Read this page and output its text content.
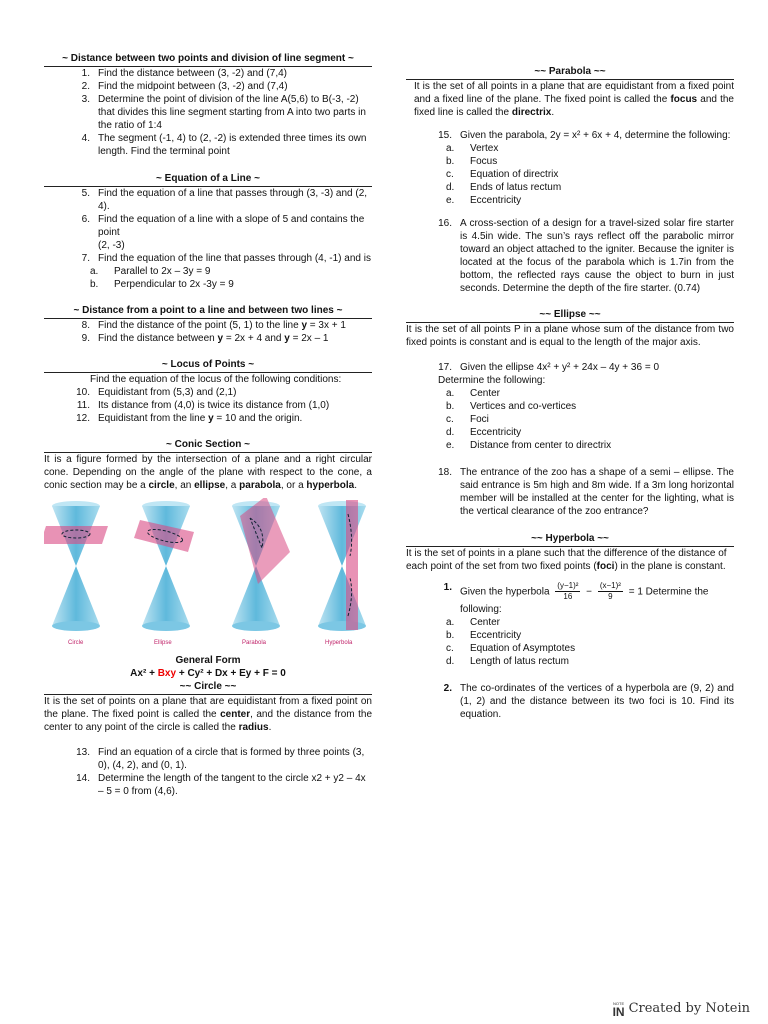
~ Distance between two points and division of line segment ~

1. Find the distance between (3, -2) and (7,4)
2. Find the midpoint between (3, -2) and (7,4)
3. Determine the point of division of the line A(5,6) to B(-3, -2) that divides this line segment starting from A into two parts in the ratio of 1:4
4. The segment (-1, 4) to (2, -2) is extended three times its own length. Find the terminal point

~ Equation of a Line ~

5. Find the equation of a line that passes through (3, -3) and (2, 4).
6. Find the equation of a line with a slope of 5 and contains the point
(2, -3)
7. Find the equation of the line that passes through (4, -1) and is
a.	Parallel to 2x – 3y = 9
b.	Perpendicular to 2x -3y = 9

~ Distance from a point to a line and between two lines ~

8. Find the distance of the point (5, 1) to the line y = 3x + 1
9. Find the distance between y = 2x + 4 and y = 2x – 1

~ Locus of Points ~

Find the equation of the locus of the following conditions:
10. Equidistant from (5,3) and (2,1)
11. Its distance from (4,0) is twice its distance from (1,0)
12. Equidistant from the line y = 10 and the origin.

~ Conic Section ~

It is a figure formed by the intersection of a plane and a right circular cone. Depending on the angle of the plane with respect to the cone, a conic section may be a circle, an ellipse, a parabola, or a hyperbola.

Circle	Ellipse	Parabola	Hyperbola

General Form

Ax² + Bxy + Cy² + Dx + Ey + F = 0

~~ Circle ~~

It is the set of points on a plane that are equidistant from a fixed point on the plane. The fixed point is called the center, and the distance from the center to any point of the circle is called the radius.

13. Find an equation of a circle that is formed by three points (3, 0), (4, 2), and (0, 1).
14. Determine the length of the tangent to the circle x2 + y2 – 4x – 5 = 0 from (4,6).

~~ Parabola ~~

It is the set of all points in a plane that are equidistant from a fixed point and a fixed line of the plane. The fixed point is called the focus and the fixed line is called the directrix.

15. Given the parabola, 2y = x² + 6x + 4, determine the following:
a.	Vertex
b.	Focus
c.	Equation of directrix
d.	Ends of latus rectum
e.	Eccentricity
16. A cross-section of a design for a travel-sized solar fire starter is 4.5in wide. The sun’s rays reflect off the parabolic mirror toward an object attached to the igniter. Because the igniter is located at the focus of the parabola which is 1.7in from the bottom, the reflected rays cause the object to burn in just seconds. Determine the depth of the fire starter. (0.74)

~~ Ellipse ~~

It is the set of all points P in a plane whose sum of the distance from two fixed points is constant and is equal to the length of the major axis.

17. Given the ellipse 4x² + y² + 24x – 4y + 36 = 0
Determine the following:
a.	Center
b.	Vertices and co-vertices
c.	Foci
d.	Eccentricity
e.	Distance from center to directrix
18. The entrance of the zoo has a shape of a semi – ellipse. The said entrance is 5m high and 8m wide. If a 3m long horizontal member will be installed at the center for the lighting, what is the vertical clearance of the zoo entrance?

~~ Hyperbola ~~

It is the set of points in a plane such that the difference of the distance of each point of the set from two fixed points (foci) in the plane is constant.

1. Given the hyperbola $\frac{\text{(y−1)²}}{16} - \frac{\text{(x−1)²}}{9} = 1$ Determine the following:
a.	Center
b.	Eccentricity
c.	Equation of Asymptotes
d.	Length of latus rectum
2. The co-ordinates of the vertices of a hyperbola are (9, 2) and (1, 2) and the distance between its two foci is 10. Find its equation.
NOTE
IN Created by Notein
